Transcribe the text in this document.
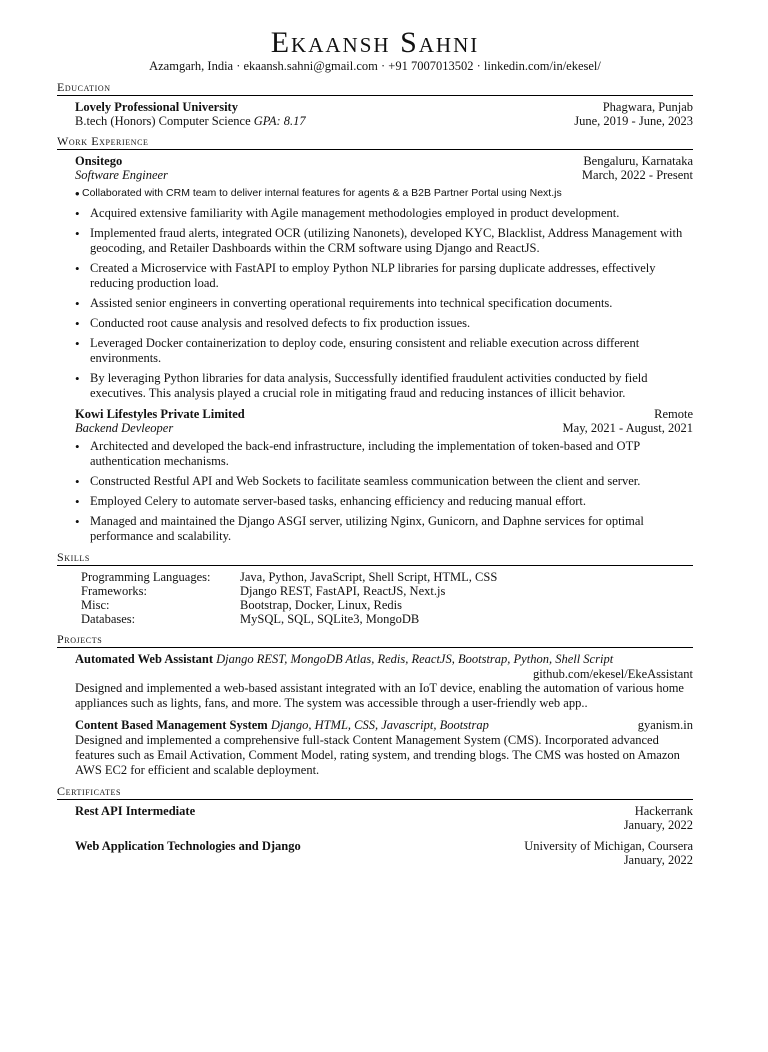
Ekaansh Sahni
Azamgarh, India · ekaansh.sahni@gmail.com · +91 7007013502 · linkedin.com/in/ekesel/
Education
Lovely Professional University	Phagwara, Punjab
B.tech (Honors) Computer Science GPA: 8.17	June, 2019 - June, 2023
Work Experience
Onsitego	Bengaluru, Karnataka
Software Engineer	March, 2022 - Present
• Collaborated with CRM team to deliver internal features for agents & a B2B Partner Portal using Next.js
• Acquired extensive familiarity with Agile management methodologies employed in product development.
• Implemented fraud alerts, integrated OCR (utilizing Nanonets), developed KYC, Blacklist, Address Management with geocoding, and Retailer Dashboards within the CRM software using Django and ReactJS.
• Created a Microservice with FastAPI to employ Python NLP libraries for parsing duplicate addresses, effectively reducing production load.
• Assisted senior engineers in converting operational requirements into technical specification documents.
• Conducted root cause analysis and resolved defects to fix production issues.
• Leveraged Docker containerization to deploy code, ensuring consistent and reliable execution across different environments.
• By leveraging Python libraries for data analysis, Successfully identified fraudulent activities conducted by field executives. This analysis played a crucial role in mitigating fraud and reducing instances of illicit behavior.
Kowi Lifestyles Private Limited	Remote
Backend Devleoper	May, 2021 - August, 2021
• Architected and developed the back-end infrastructure, including the implementation of token-based and OTP authentication mechanisms.
• Constructed Restful API and Web Sockets to facilitate seamless communication between the client and server.
• Employed Celery to automate server-based tasks, enhancing efficiency and reducing manual effort.
• Managed and maintained the Django ASGI server, utilizing Nginx, Gunicorn, and Daphne services for optimal performance and scalability.
Skills
Programming Languages:	Java, Python, JavaScript, Shell Script, HTML, CSS
Frameworks:	Django REST, FastAPI, ReactJS, Next.js
Misc:	Bootstrap, Docker, Linux, Redis
Databases:	MySQL, SQL, SQLite3, MongoDB
Projects
Automated Web Assistant Django REST, MongoDB Atlas, Redis, ReactJS, Bootstrap, Python, Shell Script
github.com/ekesel/EkeAssistant
Designed and implemented a web-based assistant integrated with an IoT device, enabling the automation of various home appliances such as lights, fans, and more. The system was accessible through a user-friendly web app..
Content Based Management System Django, HTML, CSS, Javascript, Bootstrap	gyanism.in
Designed and implemented a comprehensive full-stack Content Management System (CMS). Incorporated advanced features such as Email Activation, Comment Model, rating system, and trending blogs. The CMS was hosted on Amazon AWS EC2 for efficient and scalable deployment.
Certificates
Rest API Intermediate	Hackerrank
January, 2022
Web Application Technologies and Django	University of Michigan, Coursera
January, 2022
